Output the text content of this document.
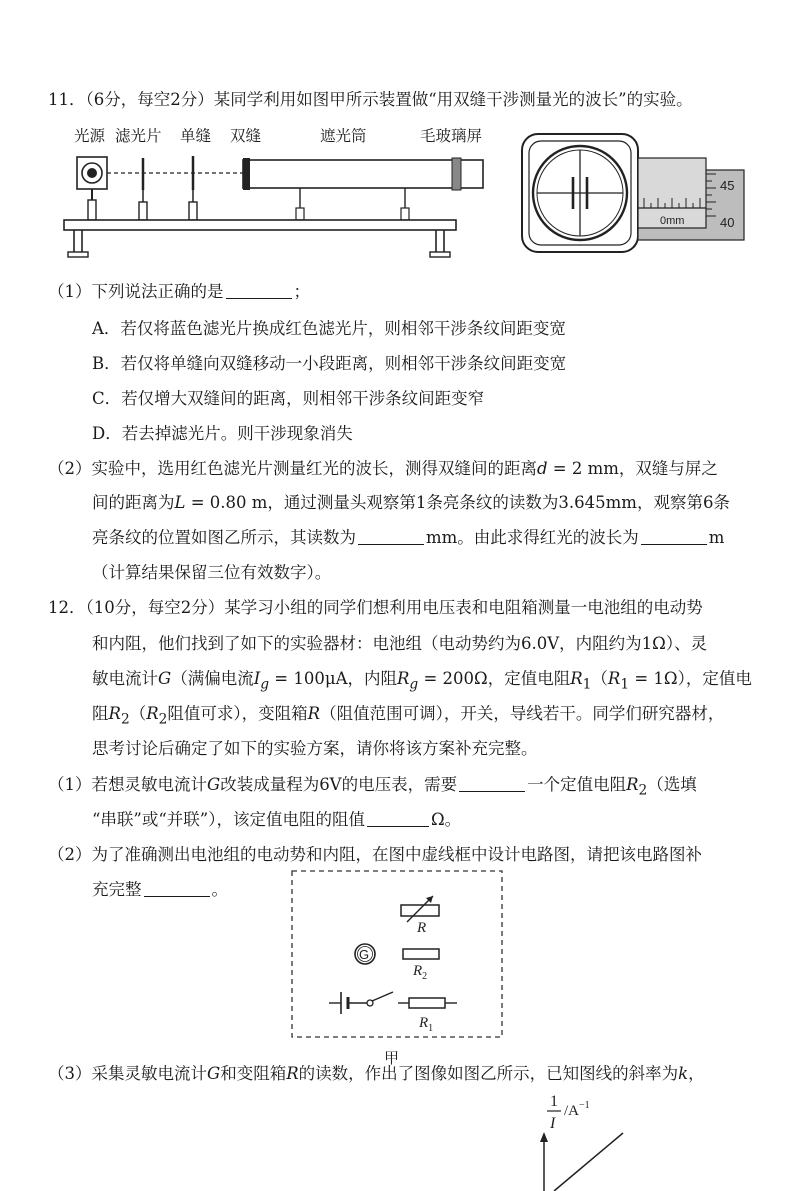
11．（6分，每空2分）某同学利用如图甲所示装置做“用双缝干涉测量光的波长”的实验。
光源 滤光片 单缝 双缝	遮光筒	毛玻璃屏
45
40
0mm
（1）下列说法正确的是	；
A．若仅将蓝色滤光片换成红色滤光片，则相邻干涉条纹间距变宽
B．若仅将单缝向双缝移动一小段距离，则相邻干涉条纹间距变宽
C．若仅增大双缝间的距离，则相邻干涉条纹间距变窄
D．若去掉滤光片。则干涉现象消失
（2）实验中，选用红色滤光片测量红光的波长，测得双缝间的距离d = 2 mm，双缝与屏之
间的距离为L = 0.80 m，通过测量头观察第1条亮条纹的读数为3.645mm，观察第6条
亮条纹的位置如图乙所示，其读数为	mm。由此求得红光的波长为	m
（计算结果保留三位有效数字）。
12．（10分，每空2分）某学习小组的同学们想利用电压表和电阻箱测量一电池组的电动势
和内阻，他们找到了如下的实验器材：电池组（电动势约为6.0V，内阻约为1Ω）、灵
敏电流计G（满偏电流$I_g = 100\mu A$，内阻$R_g = 200\Omega$，定值电阻$R_1(R_1 = 1\Omega)$，定值电
阻$R_2(R_2$阻值可求），变阻箱R（阻值范围可调），开关，导线若干。同学们研究器材，
思考讨论后确定了如下的实验方案，请你将该方案补充完整。
（1）若想灵敏电流计G改装成量程为6V的电压表，需要	一个定值电阻$R_2$（选填
“串联”或“并联”），该定值电阻的阻值	Ω。
（2）为了准确测出电池组的电动势和内阻，在图中虚线框中设计电路图，请把该电路图补
充完整	。
R
G
$R_2$
$R_1$
甲
（3）采集灵敏电流计G和变阻箱R的读数，作出了图像如图乙所示，已知图线的斜率为k，
1
I
$/A^{-1}$
